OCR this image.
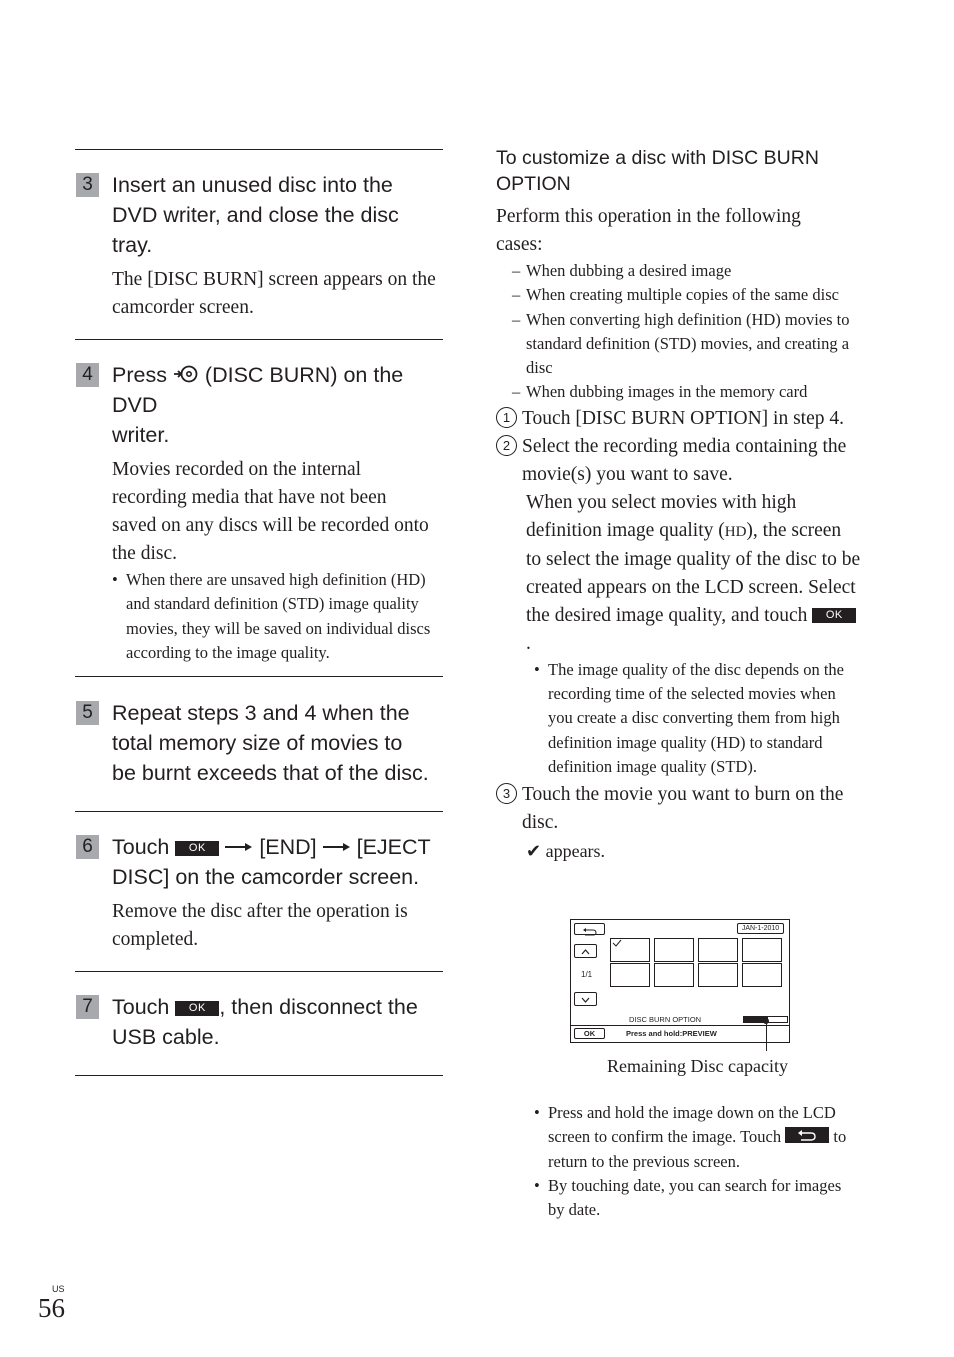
3 Insert an unused disc into the
DVD writer, and close the disc
tray.
The [DISC BURN] screen appears on the camcorder screen.
4 Press  (DISC BURN) on the DVD
writer.
Movies recorded on the internal recording media that have not been saved on any discs will be recorded onto the disc.
• When there are unsaved high definition (HD) and standard definition (STD) image quality movies, they will be saved on individual discs according to the image quality.
5 Repeat steps 3 and 4 when the
total memory size of movies to
be burnt exceeds that of the disc.
6 Touch OK  [END]  [EJECT
DISC] on the camcorder screen.
Remove the disc after the operation is completed.
7 Touch OK , then disconnect the
USB cable.
To customize a disc with DISC BURN
OPTION
Perform this operation in the following cases:
– When dubbing a desired image
– When creating multiple copies of the same disc
– When converting high definition (HD) movies to standard definition (STD) movies, and creating a disc
– When dubbing images in the memory card
1 Touch [DISC BURN OPTION] in step 4.
2 Select the recording media containing the movie(s) you want to save.
When you select movies with high definition image quality (HD), the screen to select the image quality of the disc to be created appears on the LCD screen. Select the desired image quality, and touch OK.
• The image quality of the disc depends on the recording time of the selected movies when you create a disc converting them from high definition image quality (HD) to standard definition image quality (STD).
3 Touch the movie you want to burn on the disc.
✔ appears.
JAN-1-2010
1/1
DISC BURN OPTION
OK	Press and hold:PREVIEW
Remaining Disc capacity
• Press and hold the image down on the LCD screen to confirm the image. Touch	to return to the previous screen.
• By touching date, you can search for images by date.
US
56
